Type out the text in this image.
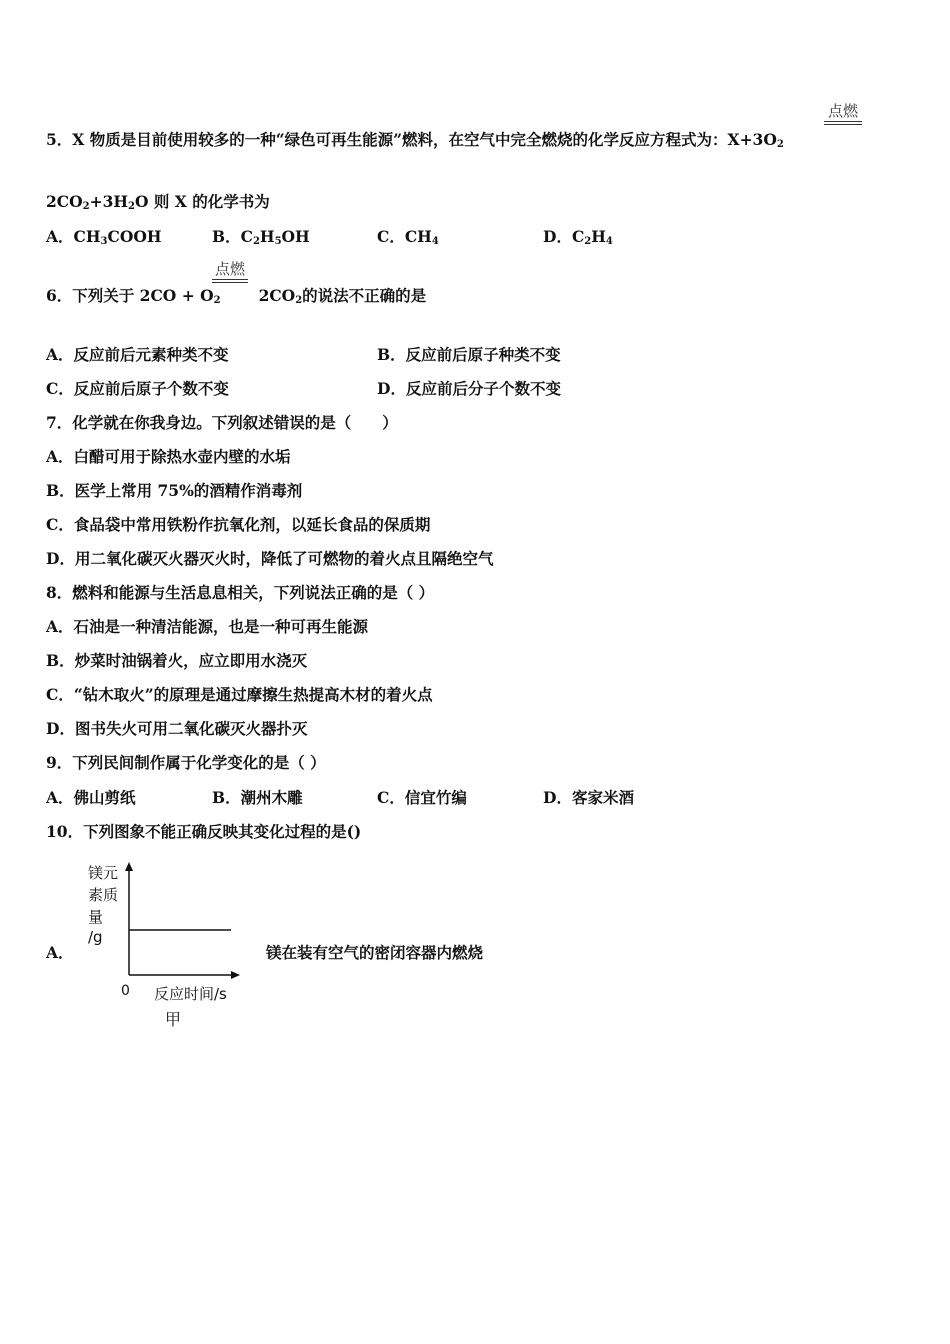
点燃
5．X 物质是目前使用较多的一种“绿色可再生能源”燃料，在空气中完全燃烧的化学反应方程式为：$X+3O_2$
$2CO_2+3H_2O$ 则 X 的化学书为
A．$CH_3COOH$	B．$C_2H_5OH$	C．$CH_4$	D．$C_2H_4$
点燃
6．下列关于 $2CO + O_2$ $2CO_2$的说法不正确的是
A．反应前后元素种类不变	B．反应前后原子种类不变
C．反应前后原子个数不变	D．反应前后分子个数不变
7．化学就在你我身边。下列叙述错误的是（　　）
A．白醋可用于除热水壶内壁的水垢
B．医学上常用 75%的酒精作消毒剂
C．食品袋中常用铁粉作抗氧化剂，以延长食品的保质期
D．用二氧化碳灭火器灭火时，降低了可燃物的着火点且隔绝空气
8．燃料和能源与生活息息相关，下列说法正确的是（ ）
A．石油是一种清洁能源，也是一种可再生能源
B．炒菜时油锅着火，应立即用水浇灭
C．“钻木取火”的原理是通过摩擦生热提高木材的着火点
D．图书失火可用二氧化碳灭火器扑灭
9．下列民间制作属于化学变化的是（ ）
A．佛山剪纸	B．潮州木雕	C．信宜竹编	D．客家米酒
10．下列图象不能正确反映其变化过程的是()
A．
镁元
素质
量
/g
0 反应时间/s
甲
镁在装有空气的密闭容器内燃烧
